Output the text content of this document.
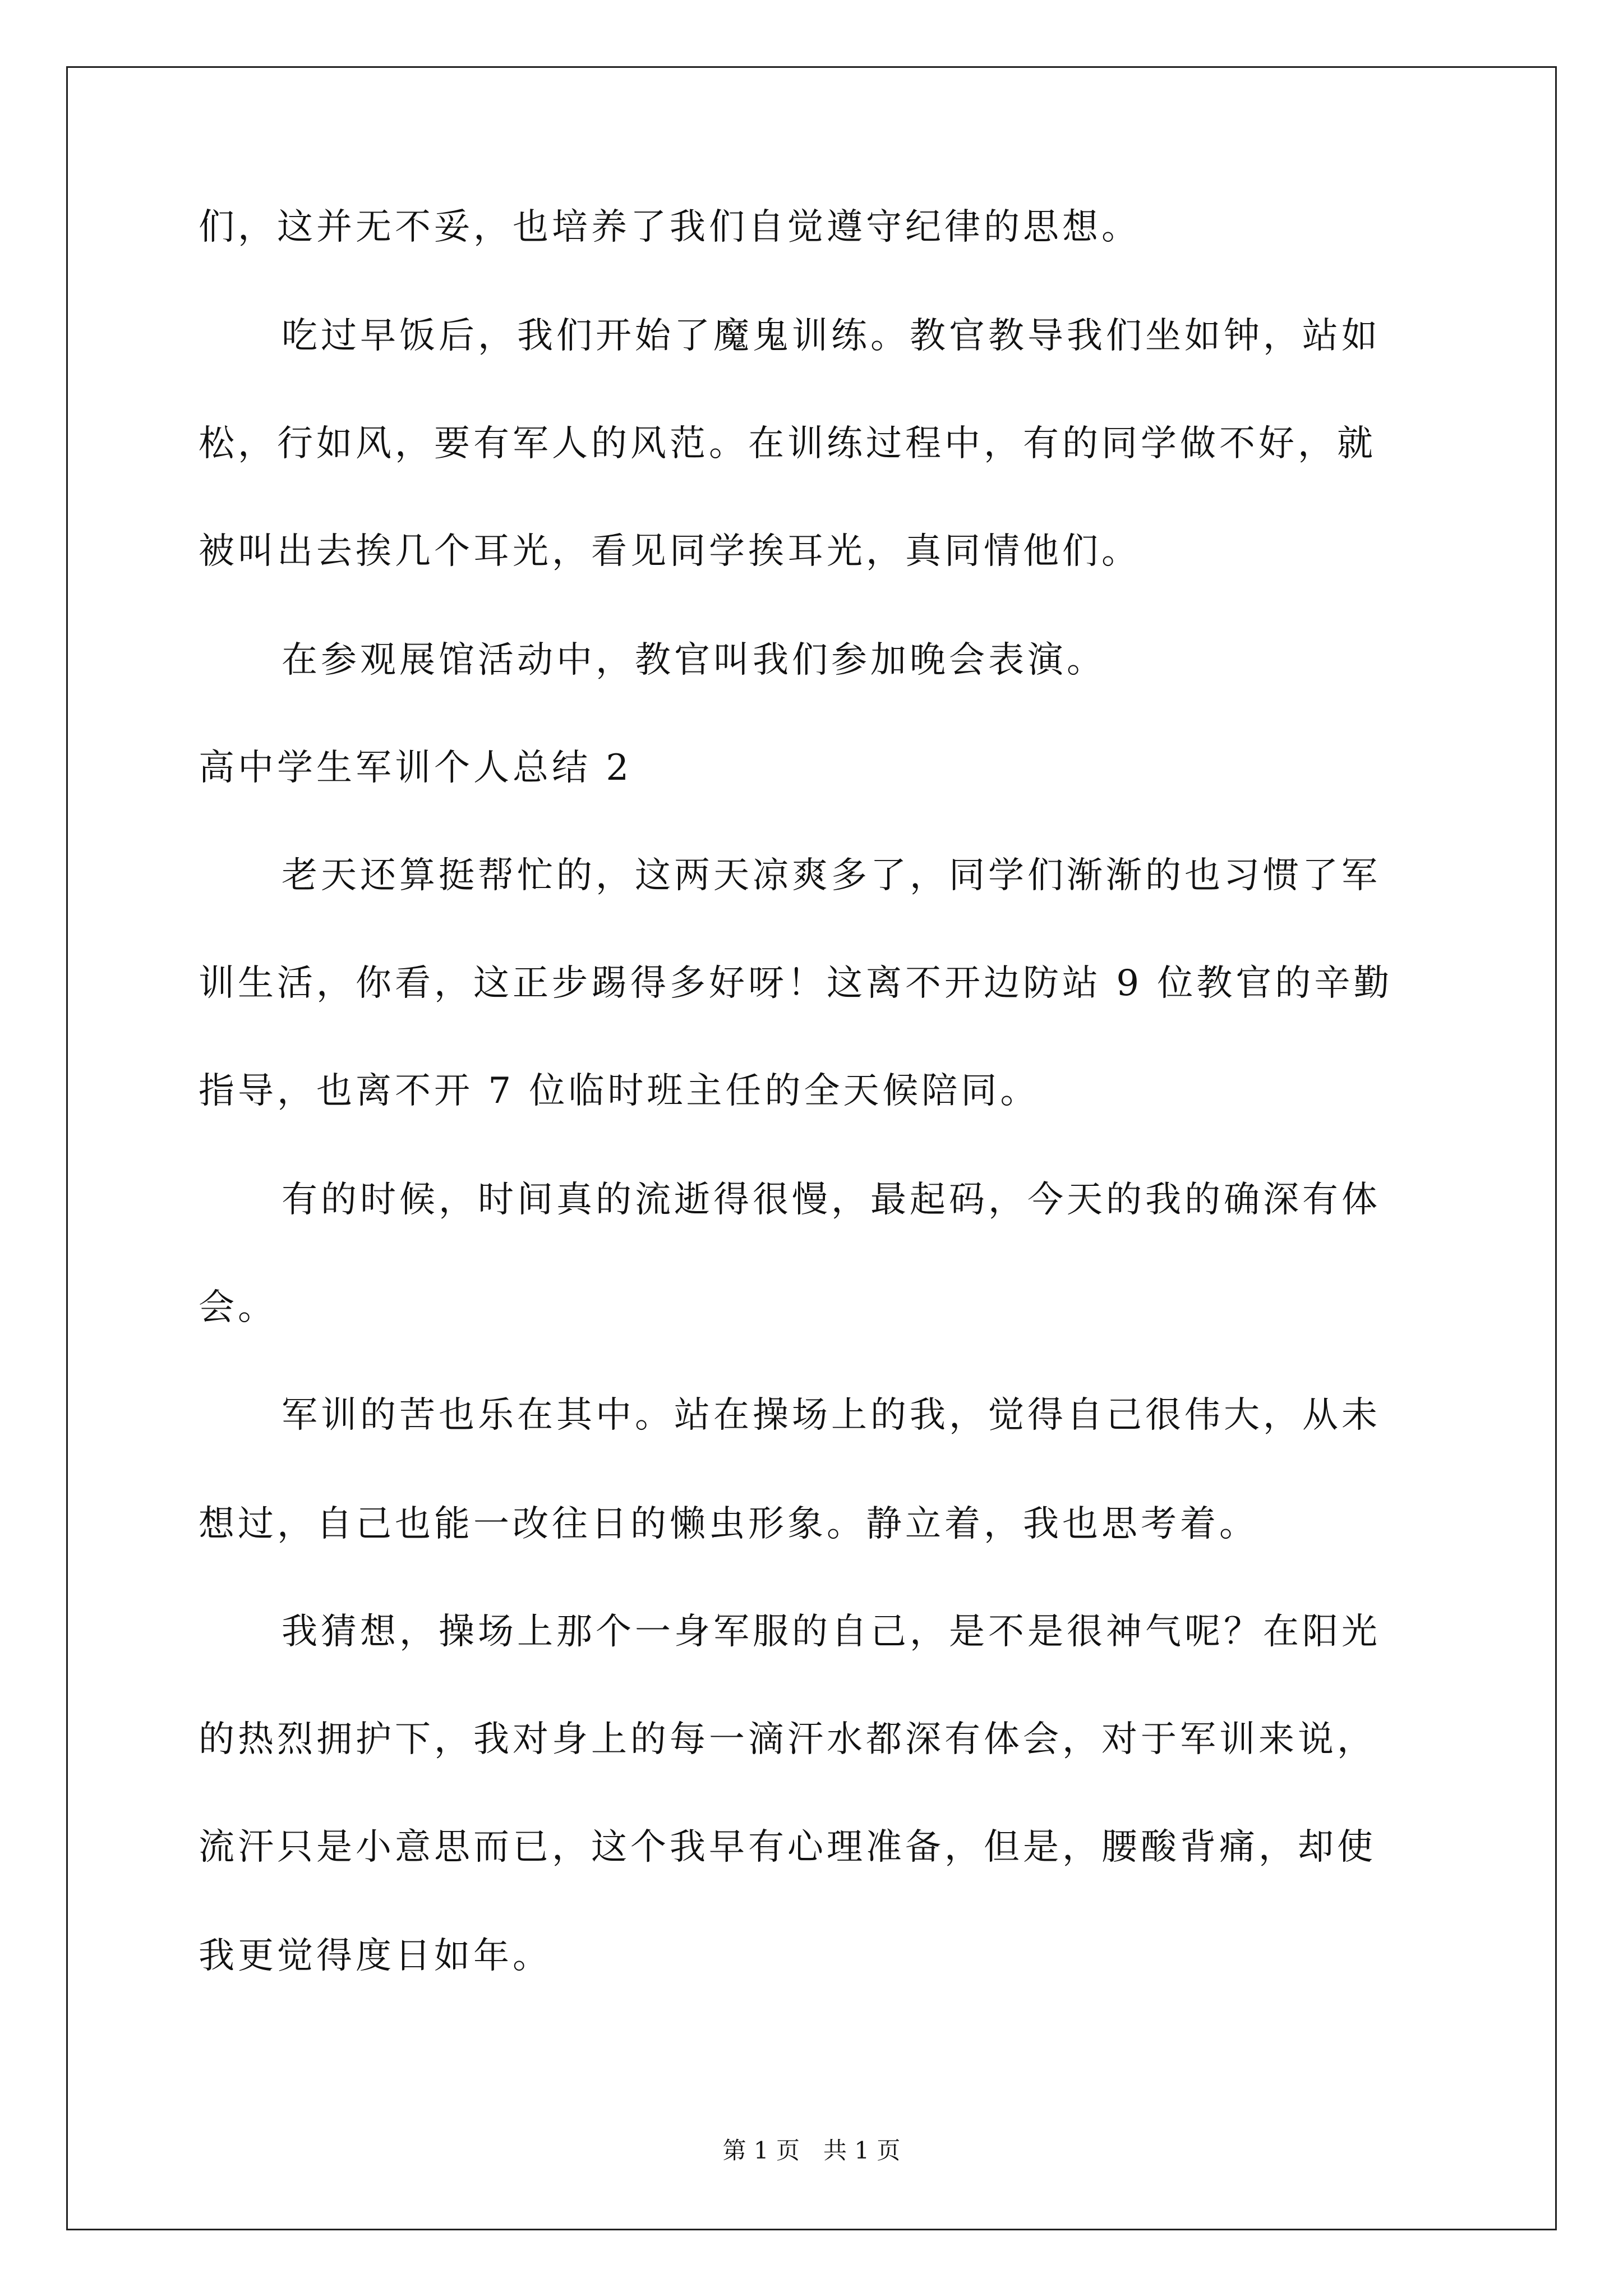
们，这并无不妥，也培养了我们自觉遵守纪律的思想。
吃过早饭后，我们开始了魔鬼训练。教官教导我们坐如钟，站如
松，行如风，要有军人的风范。在训练过程中，有的同学做不好，就
被叫出去挨几个耳光，看见同学挨耳光，真同情他们。
在参观展馆活动中，教官叫我们参加晚会表演。
高中学生军训个人总结 2
老天还算挺帮忙的，这两天凉爽多了，同学们渐渐的也习惯了军
训生活，你看，这正步踢得多好呀！这离不开边防站 9 位教官的辛勤
指导，也离不开 7 位临时班主任的全天候陪同。
有的时候，时间真的流逝得很慢，最起码，今天的我的确深有体
会。
军训的苦也乐在其中。站在操场上的我，觉得自己很伟大，从未
想过，自己也能一改往日的懒虫形象。静立着，我也思考着。
我猜想，操场上那个一身军服的自己，是不是很神气呢？在阳光
的热烈拥护下，我对身上的每一滴汗水都深有体会，对于军训来说，
流汗只是小意思而已，这个我早有心理准备，但是，腰酸背痛，却使
我更觉得度日如年。
第 1 页　共 1 页
